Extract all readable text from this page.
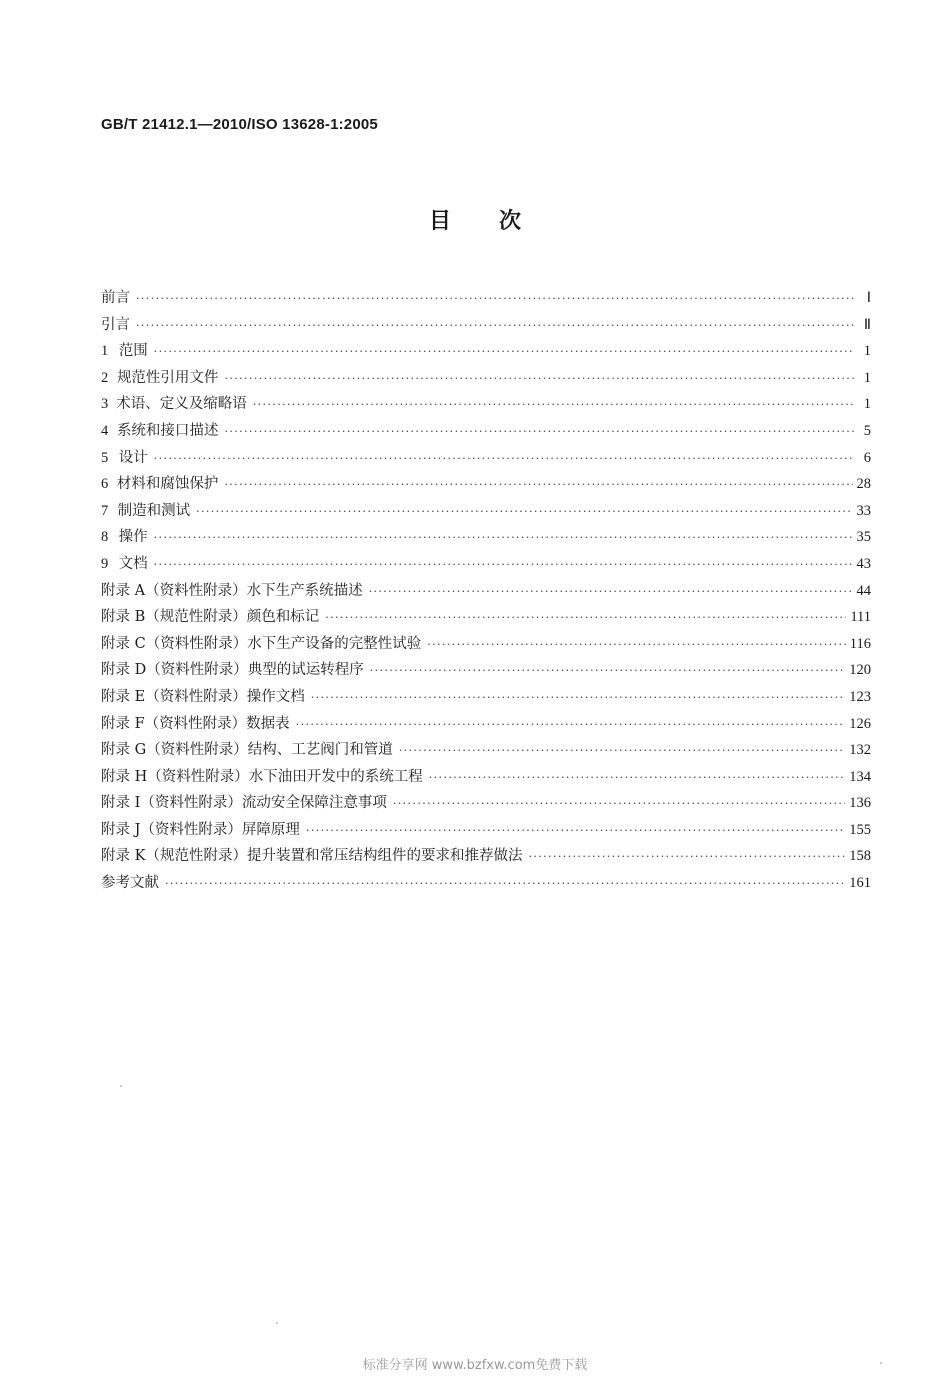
GB/T 21412.1—2010/ISO 13628-1:2005
目 次
前言 ·····	Ⅰ
引言 ·····	Ⅱ
1 范围 ·····	1
2 规范性引用文件 ·····	1
3 术语、定义及缩略语 ·····	1
4 系统和接口描述 ·····	5
5 设计 ·····	6
6 材料和腐蚀保护 ·····	28
7 制造和测试 ·····	33
8 操作 ·····	35
9 文档 ·····	43
附录 A（资料性附录） 水下生产系统描述 ·····	44
附录 B（规范性附录） 颜色和标记 ·····	111
附录 C（资料性附录） 水下生产设备的完整性试验 ·····	116
附录 D（资料性附录） 典型的试运转程序 ·····	120
附录 E（资料性附录） 操作文档 ·····	123
附录 F（资料性附录） 数据表 ·····	126
附录 G（资料性附录） 结构、工艺阀门和管道 ·····	132
附录 H（资料性附录） 水下油田开发中的系统工程 ·····	134
附录 I（资料性附录） 流动安全保障注意事项 ·····	136
附录 J（资料性附录） 屏障原理 ·····	155
附录 K（规范性附录） 提升装置和常压结构组件的要求和推荐做法 ·····	158
参考文献 ·····	161
标准分享网 www.bzfxw.com免费下载
